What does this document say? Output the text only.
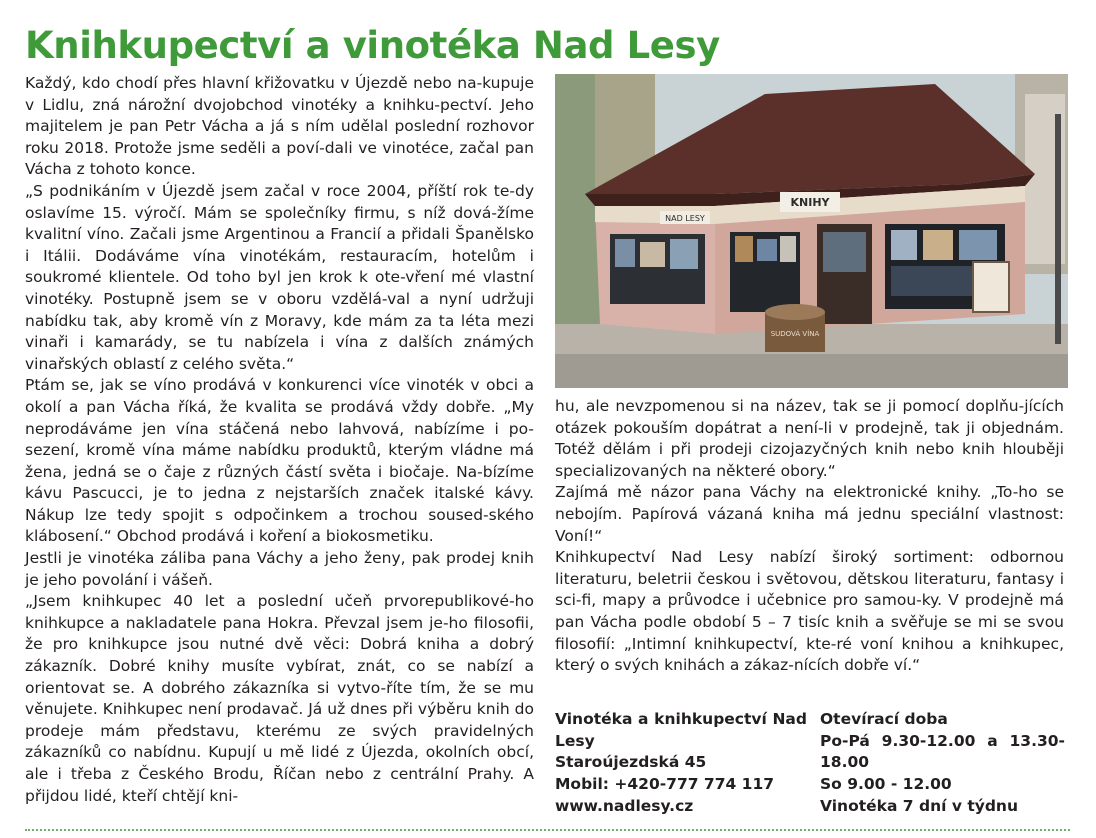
Knihkupectví a vinotéka Nad Lesy

Každý, kdo chodí přes hlavní křižovatku v Újezdě nebo na-kupuje v Lidlu, zná nárožní dvojobchod vinotéky a knihku-pectví. Jeho majitelem je pan Petr Vácha a já s ním udělal poslední rozhovor roku 2018. Protože jsme seděli a poví-dali ve vinotéce, začal pan Vácha z tohoto konce.

„S podnikáním v Újezdě jsem začal v roce 2004, příští rok te-dy oslavíme 15. výročí. Mám se společníky firmu, s níž dová-žíme kvalitní víno. Začali jsme Argentinou a Francií a přidali Španělsko i Itálii. Dodáváme vína vinotékám, restauracím, hotelům i soukromé klientele. Od toho byl jen krok k ote-vření mé vlastní vinotéky. Postupně jsem se v oboru vzdělá-val a nyní udržuji nabídku tak, aby kromě vín z Moravy, kde mám za ta léta mezi vinaři i kamarády, se tu nabízela i vína z dalších známých vinařských oblastí z celého světa.“

Ptám se, jak se víno prodává v konkurenci více vinoték v obci a okolí a pan Vácha říká, že kvalita se prodává vždy dobře. „My neprodáváme jen vína stáčená nebo lahvová, nabízíme i po-sezení, kromě vína máme nabídku produktů, kterým vládne má žena, jedná se o čaje z různých částí světa i biočaje. Na-bízíme kávu Pascucci, je to jedna z nejstarších značek italské kávy. Nákup lze tedy spojit s odpočinkem a trochou soused-ského klábosení.“ Obchod prodává i koření a biokosmetiku.

Jestli je vinotéka záliba pana Váchy a jeho ženy, pak prodej knih je jeho povolání i vášeň.

„Jsem knihkupec 40 let a poslední učeň prvorepublikové-ho knihkupce a nakladatele pana Hokra. Převzal jsem je-ho filosofii, že pro knihkupce jsou nutné dvě věci: Dobrá kniha a dobrý zákazník. Dobré knihy musíte vybírat, znát, co se nabízí a orientovat se. A dobrého zákazníka si vytvo-říte tím, že se mu věnujete. Knihkupec není prodavač. Já už dnes při výběru knih do prodeje mám představu, kterému ze svých pravidelných zákazníků co nabídnu. Kupují u mě lidé z Újezda, okolních obcí, ale i třeba z Českého Brodu, Říčan nebo z centrální Prahy. A přijdou lidé, kteří chtějí kni-

NAD LESY
KNIHY
SUDOVÁ VÍNA

hu, ale nevzpomenou si na název, tak se ji pomocí doplňu-jících otázek pokouším dopátrat a není-li v prodejně, tak ji objednám. Totéž dělám i při prodeji cizojazyčných knih nebo knih hlouběji specializovaných na některé obory.“

Zajímá mě názor pana Váchy na elektronické knihy. „To-ho se nebojím. Papírová vázaná kniha má jednu speciální vlastnost: Voní!“

Knihkupectví Nad Lesy nabízí široký sortiment: odbornou literaturu, beletrii českou i světovou, dětskou literaturu, fantasy i sci-fi, mapy a průvodce i učebnice pro samou-ky. V prodejně má pan Vácha podle období 5 – 7 tisíc knih a svěřuje se mi se svou filosofií: „Intimní knihkupectví, kte-ré voní knihou a knihkupec, který o svých knihách a zákaz-nících dobře ví.“

Vinotéka a knihkupectví Nad Lesy
Staroújezdská 45
Mobil: +420-777 774 117
www.nadlesy.cz
Otevírací doba
Po-Pá 9.30-12.00 a 13.30-18.00
So 9.00 - 12.00
Vinotéka 7 dní v týdnu
